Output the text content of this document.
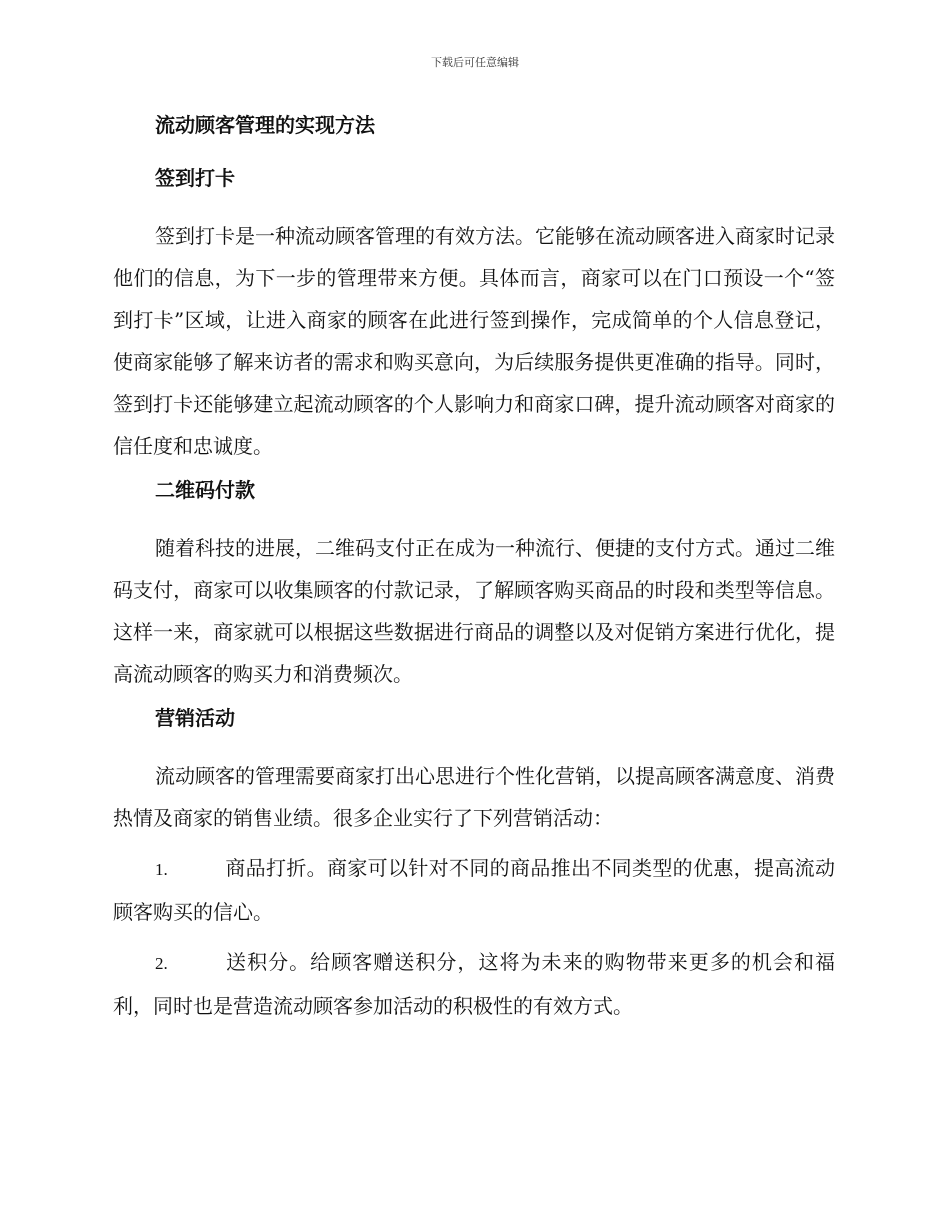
下载后可任意编辑
流动顾客管理的实现方法
签到打卡

签到打卡是一种流动顾客管理的有效方法。它能够在流动顾客进入商家时记录他们的信息，为下一步的管理带来方便。具体而言，商家可以在门口预设一个“签到打卡”区域，让进入商家的顾客在此进行签到操作，完成简单的个人信息登记，使商家能够了解来访者的需求和购买意向，为后续服务提供更准确的指导。同时，签到打卡还能够建立起流动顾客的个人影响力和商家口碑，提升流动顾客对商家的信任度和忠诚度。

二维码付款

随着科技的进展，二维码支付正在成为一种流行、便捷的支付方式。通过二维码支付，商家可以收集顾客的付款记录，了解顾客购买商品的时段和类型等信息。这样一来，商家就可以根据这些数据进行商品的调整以及对促销方案进行优化，提高流动顾客的购买力和消费频次。

营销活动

流动顾客的管理需要商家打出心思进行个性化营销，以提高顾客满意度、消费热情及商家的销售业绩。很多企业实行了下列营销活动：

1.	商品打折。商家可以针对不同的商品推出不同类型的优惠，提高流动顾客购买的信心。

2.	送积分。给顾客赠送积分，这将为未来的购物带来更多的机会和福利，同时也是营造流动顾客参加活动的积极性的有效方式。
